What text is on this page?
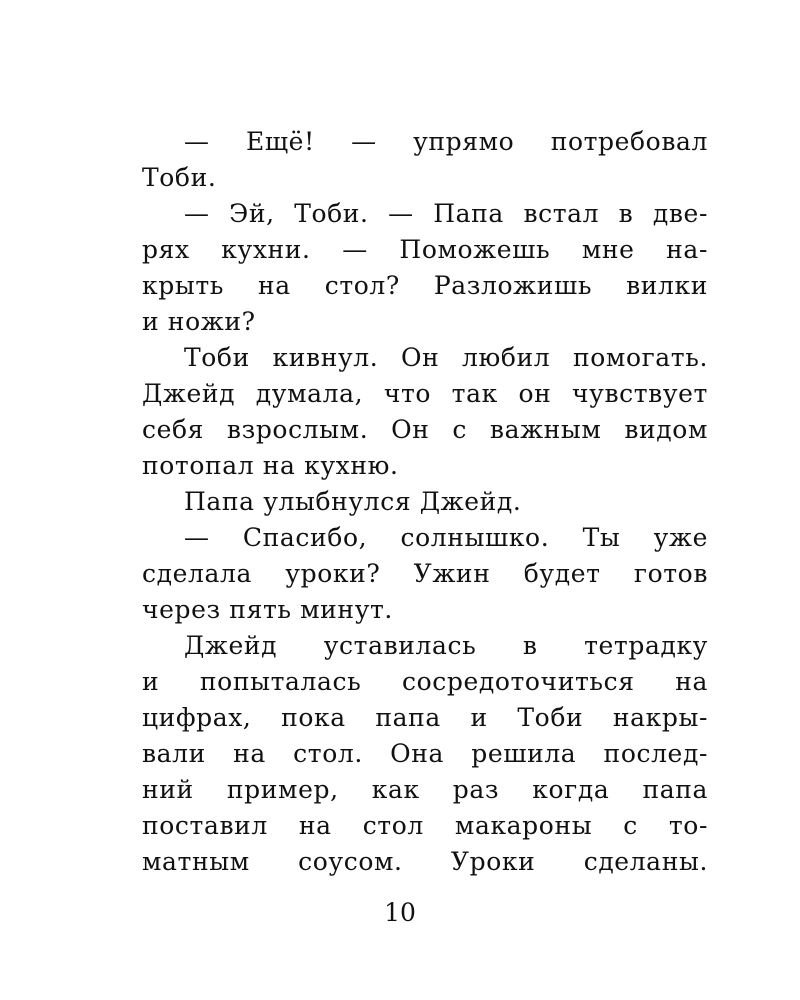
— Ещё! — упрямо потребовал
Тоби.
— Эй, Тоби. — Папа встал в две-
рях кухни. — Поможешь мне на-
крыть на стол? Разложишь вилки
и ножи?
Тоби кивнул. Он любил помогать.
Джейд думала, что так он чувствует
себя взрослым. Он с важным видом
потопал на кухню.
Папа улыбнулся Джейд.
— Спасибо, солнышко. Ты уже
сделала уроки? Ужин будет готов
через пять минут.
Джейд уставилась в тетрадку
и попыталась сосредоточиться на
цифрах, пока папа и Тоби накры-
вали на стол. Она решила послед-
ний пример, как раз когда папа
поставил на стол макароны с то-
матным соусом. Уроки сделаны.
10
